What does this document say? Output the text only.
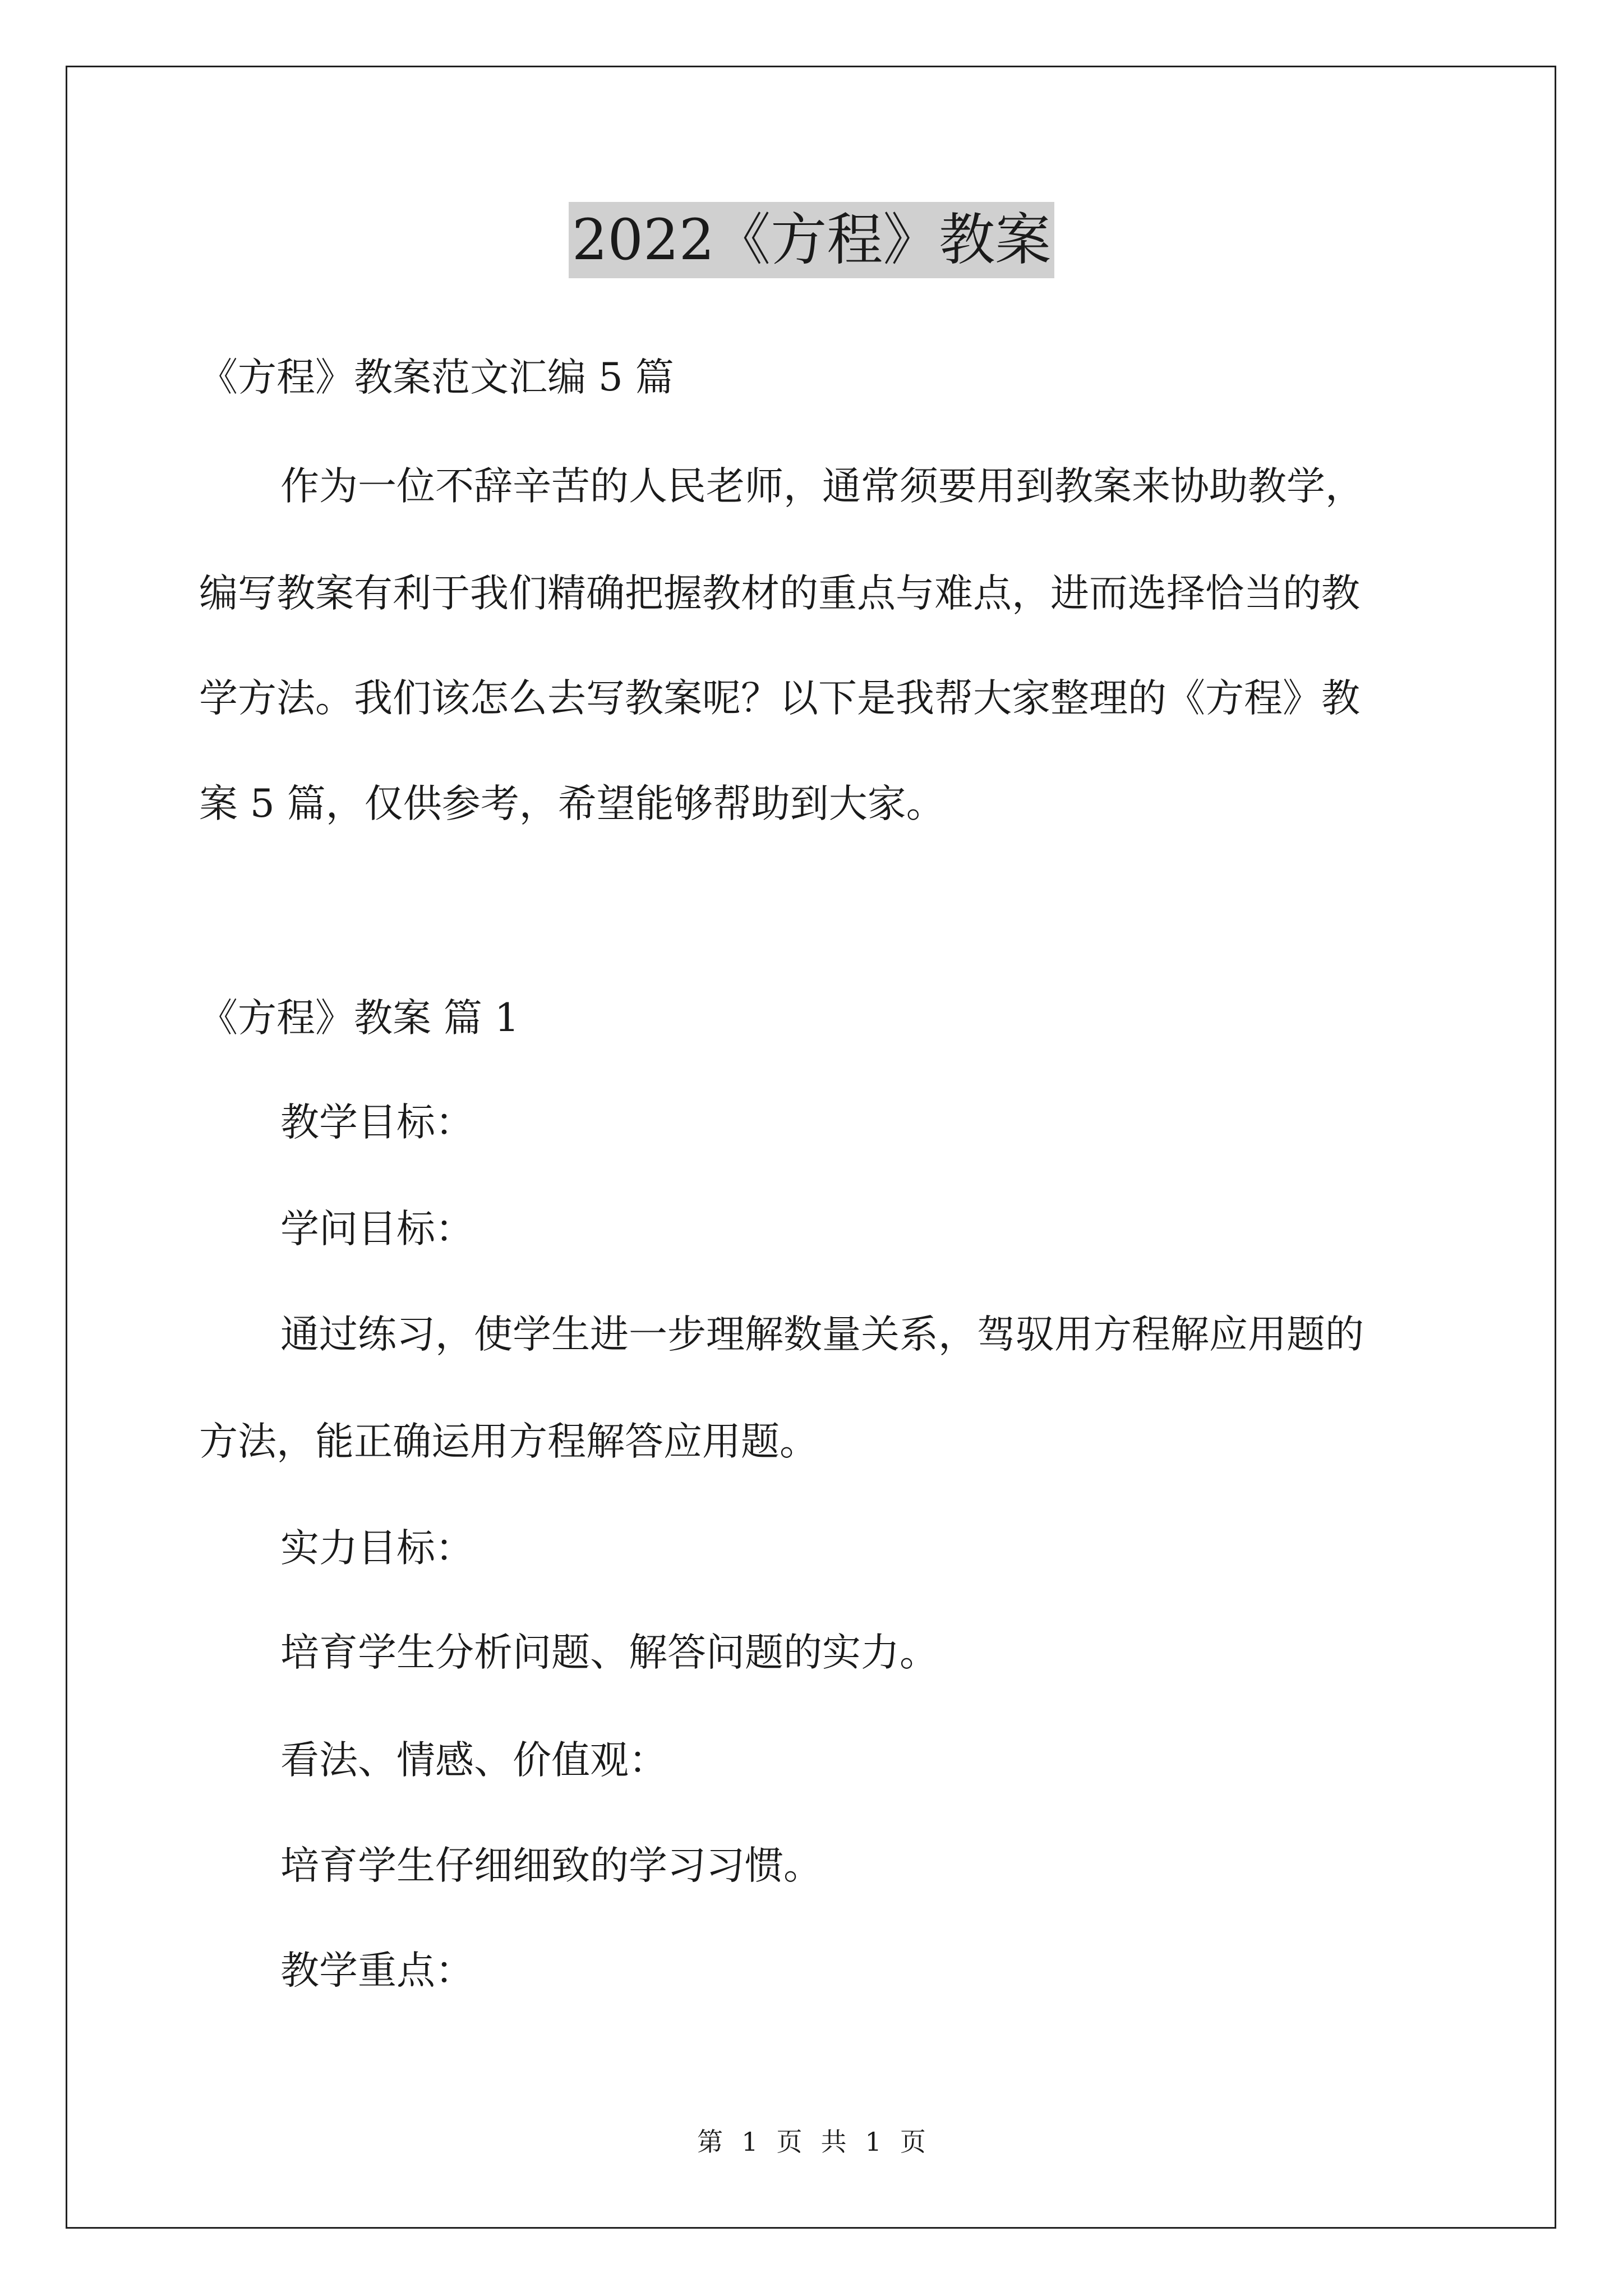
2022《方程》教案

《方程》教案范文汇编 5 篇

作为一位不辞辛苦的人民老师，通常须要用到教案来协助教学，

编写教案有利于我们精确把握教材的重点与难点，进而选择恰当的教

学方法。我们该怎么去写教案呢？以下是我帮大家整理的《方程》教

案 5 篇，仅供参考，希望能够帮助到大家。

《方程》教案 篇 1

教学目标：

学问目标：

通过练习，使学生进一步理解数量关系，驾驭用方程解应用题的

方法，能正确运用方程解答应用题。

实力目标：

培育学生分析问题、解答问题的实力。

看法、情感、价值观：

培育学生仔细细致的学习习惯。

教学重点：

第 1 页 共 1 页
